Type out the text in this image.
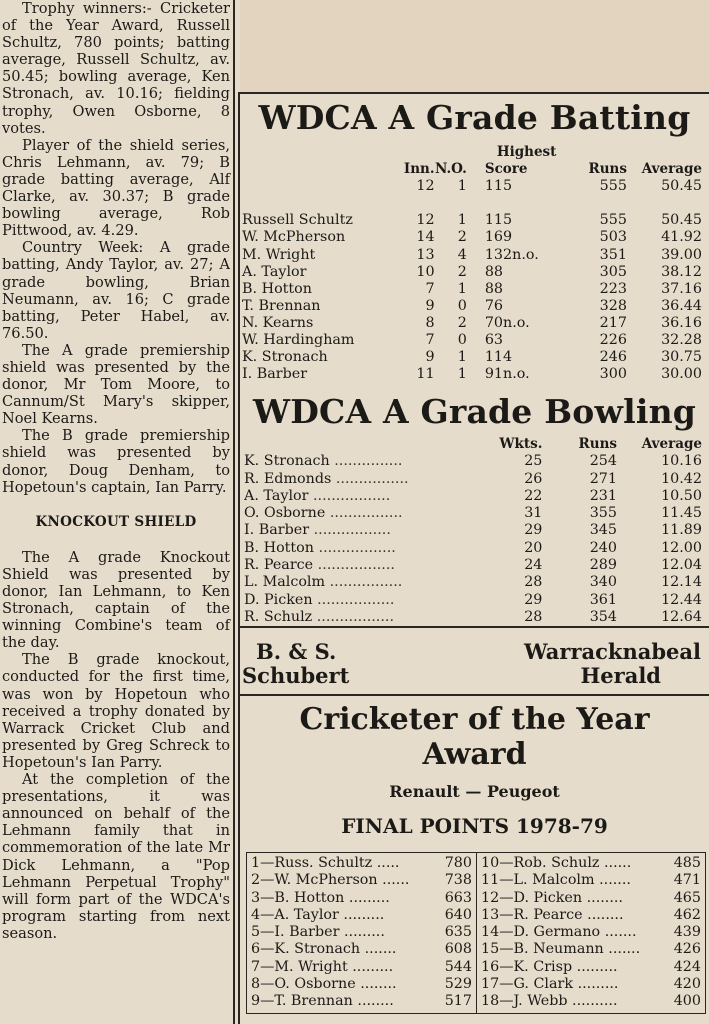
Trophy winners:- Cricketer of the Year Award, Russell Schultz, 780 points; batting average, Russell Schultz, av. 50.45; bowling average, Ken Stronach, av. 10.16; fielding trophy, Owen Osborne, 8 votes.

Player of the shield series, Chris Lehmann, av. 79; B grade batting average, Alf Clarke, av. 30.37; B grade bowling average, Rob Pittwood, av. 4.29.

Country Week: A grade batting, Andy Taylor, av. 27; A grade bowling, Brian Neumann, av. 16; C grade batting, Peter Habel, av. 76.50.

The A grade premiership shield was presented by the donor, Mr Tom Moore, to Cannum/St Mary's skipper, Noel Kearns.

The B grade premiership shield was presented by donor, Doug Denham, to Hopetoun's captain, Ian Parry.

KNOCKOUT SHIELD

The A grade Knockout Shield was presented by donor, Ian Lehmann, to Ken Stronach, captain of the winning Combine's team of the day.

The B grade knockout, conducted for the first time, was won by Hopetoun who received a trophy donated by Warrack Cricket Club and presented by Greg Schreck to Hopetoun's Ian Parry.

At the completion of the presentations, it was announced on behalf of the Lehmann family that in commemoration of the late Mr Dick Lehmann, a "Pop Lehmann Perpetual Trophy" will form part of the WDCA's program starting from next season.

WDCA A Grade Batting
			Highest		
	Inn.	N.O.	Score	Runs	Average
	12	1	115	555	50.45

Russell Schultz	12	1	115	555	50.45
W. McPherson	14	2	169	503	41.92
M. Wright	13	4	132n.o.	351	39.00
A. Taylor	10	2	88	305	38.12
B. Hotton	7	1	88	223	37.16
T. Brennan	9	0	76	328	36.44
N. Kearns	8	2	70n.o.	217	36.16
W. Hardingham	7	0	63	226	32.28
K. Stronach	9	1	114	246	30.75
I. Barber	11	1	91n.o.	300	30.00
WDCA A Grade Bowling
	Wkts.	Runs	Average
K. Stronach ...............	25	254	10.16
R. Edmonds ................	26	271	10.42
A. Taylor .................	22	231	10.50
O. Osborne ................	31	355	11.45
I. Barber .................	29	345	11.89
B. Hotton .................	20	240	12.00
R. Pearce .................	24	289	12.04
L. Malcolm ................	28	340	12.14
D. Picken .................	29	361	12.44
R. Schulz .................	28	354	12.64
B. & S.
Schubert
Warracknabeal
Herald
Cricketer of the Year
Award
Renault — Peugeot
FINAL POINTS 1978-79
1—Russ. Schultz .....	780
2—W. McPherson ......	738
3—B. Hotton .........	663
4—A. Taylor .........	640
5—I. Barber .........	635
6—K. Stronach .......	608
7—M. Wright .........	544
8—O. Osborne ........	529
9—T. Brennan ........	517
10—Rob. Schulz ......	485
11—L. Malcolm .......	471
12—D. Picken ........	465
13—R. Pearce ........	462
14—D. Germano .......	439
15—B. Neumann .......	426
16—K. Crisp .........	424
17—G. Clark .........	420
18—J. Webb ..........	400
